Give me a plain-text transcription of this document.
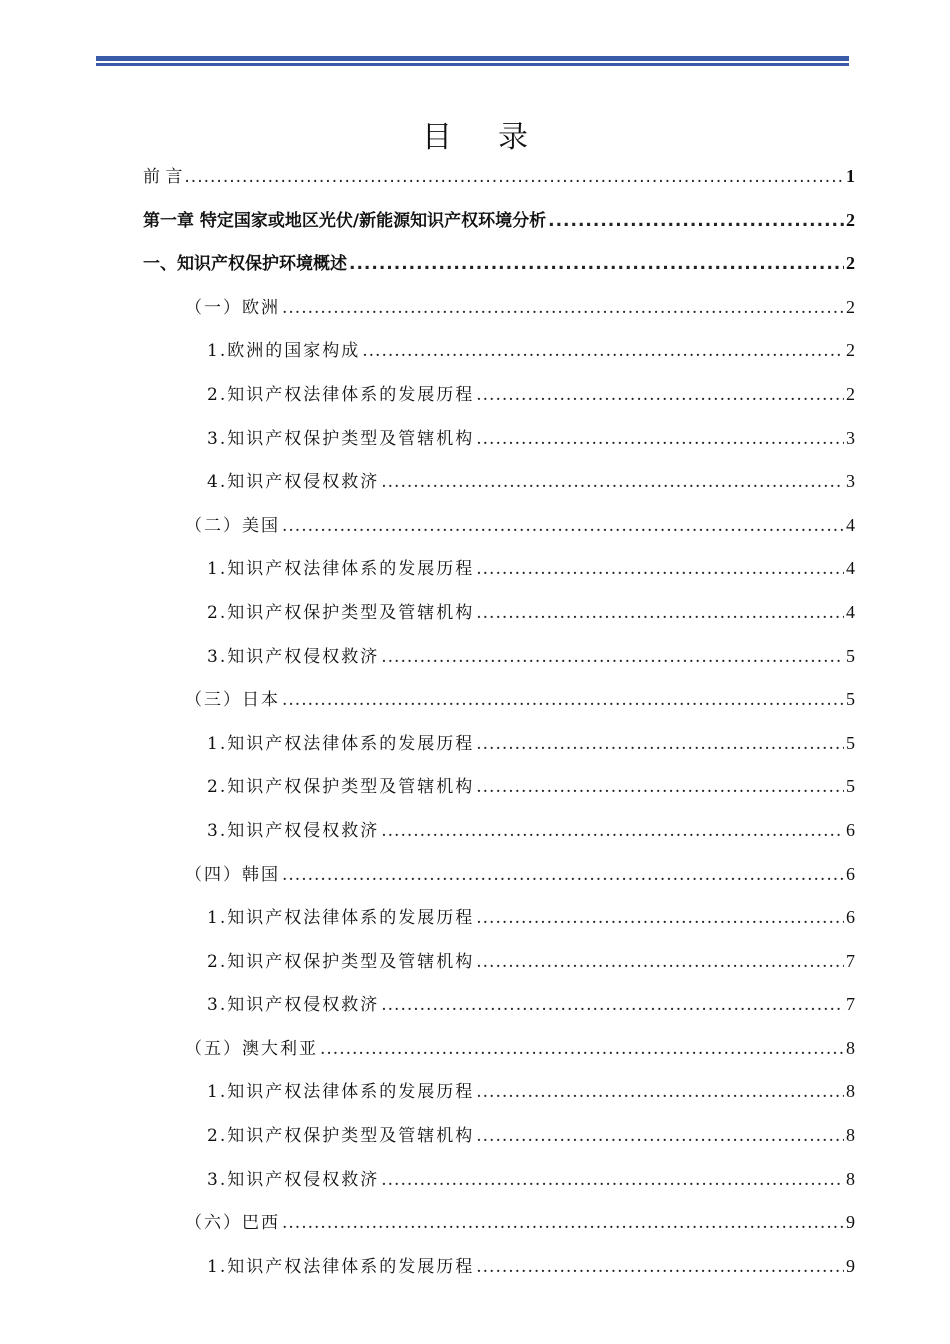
目录
前 言 .....	1
第一章 特定国家或地区光伏/新能源知识产权环境分析 .....	2
一、知识产权保护环境概述 .....	2
（一）欧洲 .....	2
1.欧洲的国家构成 .....	2
2.知识产权法律体系的发展历程 .....	2
3.知识产权保护类型及管辖机构 .....	3
4.知识产权侵权救济 .....	3
（二）美国 .....	4
1.知识产权法律体系的发展历程 .....	4
2.知识产权保护类型及管辖机构 .....	4
3.知识产权侵权救济 .....	5
（三）日本 .....	5
1.知识产权法律体系的发展历程 .....	5
2.知识产权保护类型及管辖机构 .....	5
3.知识产权侵权救济 .....	6
（四）韩国 .....	6
1.知识产权法律体系的发展历程 .....	6
2.知识产权保护类型及管辖机构 .....	7
3.知识产权侵权救济 .....	7
（五）澳大利亚 .....	8
1.知识产权法律体系的发展历程 .....	8
2.知识产权保护类型及管辖机构 .....	8
3.知识产权侵权救济 .....	8
（六）巴西 .....	9
1.知识产权法律体系的发展历程 .....	9
